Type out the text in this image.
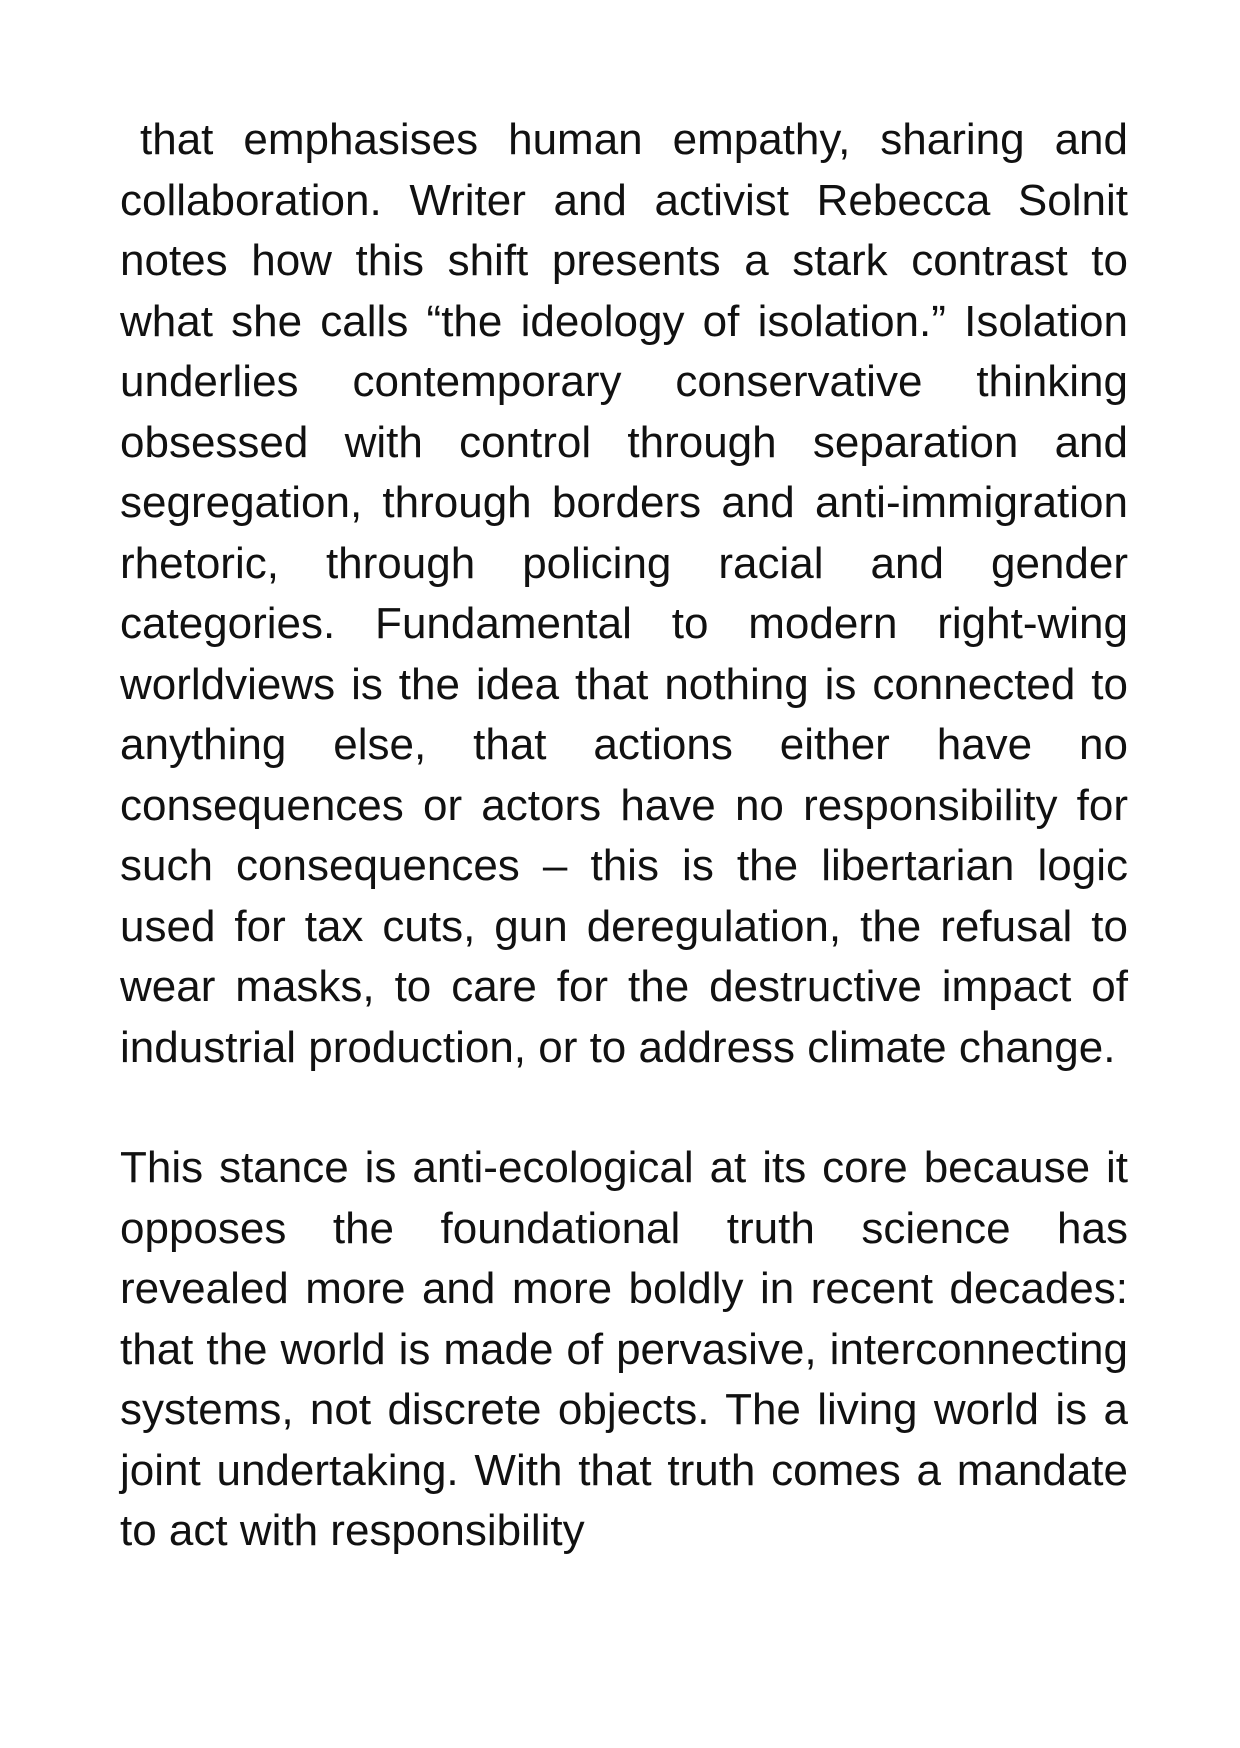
that emphasises human empathy, sharing and collaboration. Writer and activist Rebecca Solnit notes how this shift presents a stark contrast to what she calls “the ideology of isolation.” Isolation underlies contemporary conservative thinking obsessed with control through separation and segregation, through borders and anti-immigration rhetoric, through policing racial and gender categories. Fundamental to modern right-wing worldviews is the idea that nothing is connected to anything else, that actions either have no consequences or actors have no responsibility for such consequences – this is the libertarian logic used for tax cuts, gun deregulation, the refusal to wear masks, to care for the destructive impact of industrial production, or to address climate change.

This stance is anti-ecological at its core because it opposes the foundational truth science has revealed more and more boldly in recent decades: that the world is made of pervasive, interconnecting systems, not discrete objects. The living world is a joint undertaking. With that truth comes a mandate to act with responsibility
